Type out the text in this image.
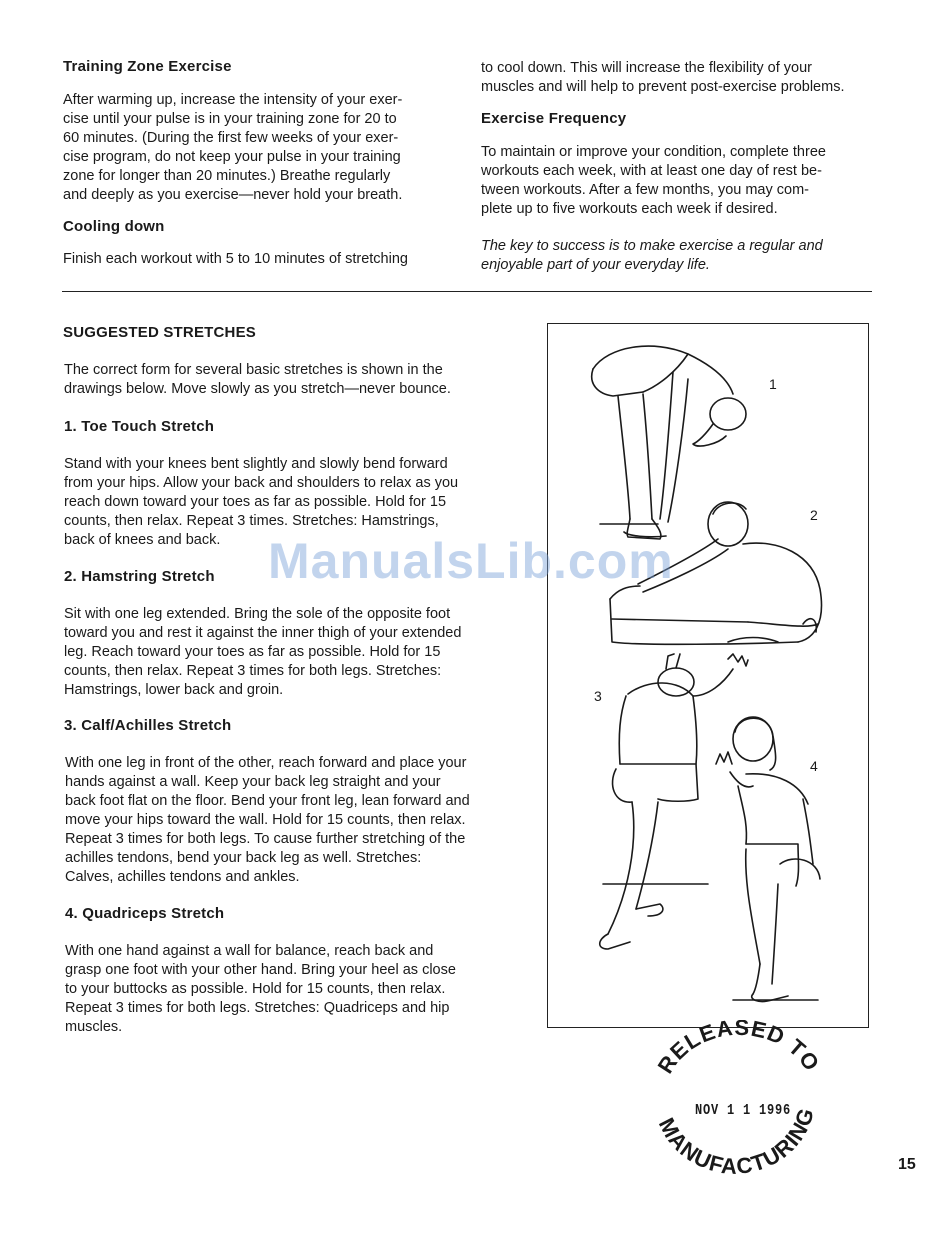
Training Zone Exercise
After warming up, increase the intensity of your exer-
cise until your pulse is in your training zone for 20 to
60 minutes. (During the first few weeks of your exer-
cise program, do not keep your pulse in your training
zone for longer than 20 minutes.) Breathe regularly
and deeply as you exercise—never hold your breath.
Cooling down
Finish each workout with 5 to 10 minutes of stretching
to cool down. This will increase the flexibility of your
muscles and will help to prevent post-exercise problems.
Exercise Frequency
To maintain or improve your condition, complete three
workouts each week, with at least one day of rest be-
tween workouts. After a few months, you may com-
plete up to five workouts each week if desired.
The key to success is to make exercise a regular and
enjoyable part of your everyday life.
SUGGESTED STRETCHES
The correct form for several basic stretches is shown in the
drawings below. Move slowly as you stretch—never bounce.
1. Toe Touch Stretch
Stand with your knees bent slightly and slowly bend forward
from your hips. Allow your back and shoulders to relax as you
reach down toward your toes as far as possible. Hold for 15
counts, then relax. Repeat 3 times. Stretches: Hamstrings,
back of knees and back.
2. Hamstring Stretch
Sit with one leg extended. Bring the sole of the opposite foot
toward you and rest it against the inner thigh of your extended
leg. Reach toward your toes as far as possible. Hold for 15
counts, then relax. Repeat 3 times for both legs. Stretches:
Hamstrings, lower back and groin.
3. Calf/Achilles Stretch
With one leg in front of the other, reach forward and place your
hands against a wall. Keep your back leg straight and your
back foot flat on the floor. Bend your front leg, lean forward and
move your hips toward the wall. Hold for 15 counts, then relax.
Repeat 3 times for both legs. To cause further stretching of the
achilles tendons, bend your back leg as well. Stretches:
Calves, achilles tendons and ankles.
4. Quadriceps Stretch
With one hand against a wall for balance, reach back and
grasp one foot with your other hand. Bring your heel as close
to your buttocks as possible. Hold for 15 counts, then relax.
Repeat 3 times for both legs. Stretches: Quadriceps and hip
muscles.
1
2
3
4
ManualsLib.com
RELEASED TO
MANUFACTURING
NOV 1 1 1996
15
